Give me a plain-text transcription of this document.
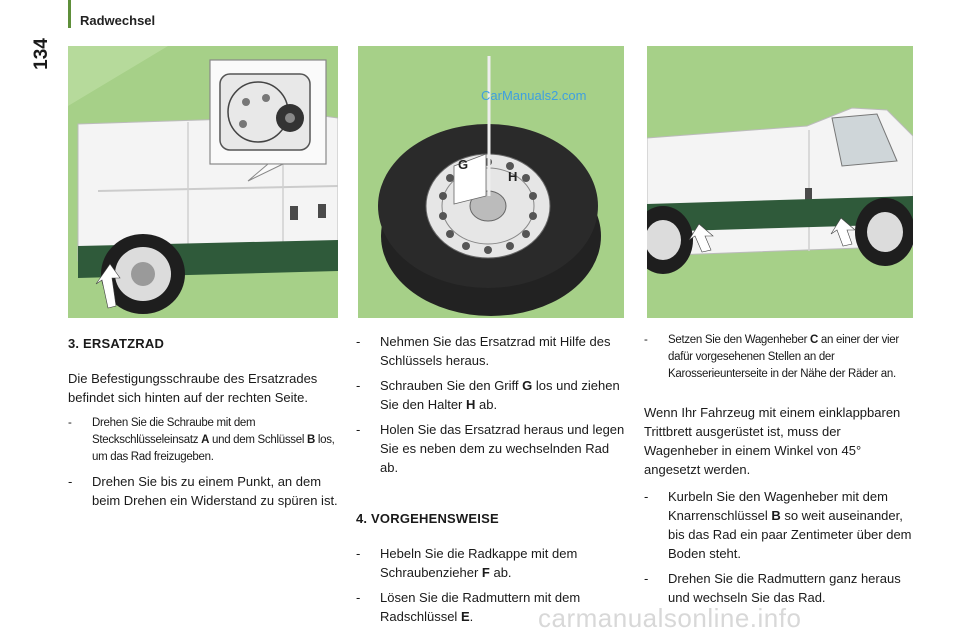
Radwechsel
134
G
H
CarManuals2.com
3. ERSATZRAD

Die Befestigungsschraube des Ersatzrades befindet sich hinten auf der rechten Seite.

- Drehen Sie die Schraube mit dem Steckschlüsseleinsatz A und dem Schlüssel B los, um das Rad freizugeben.
- Drehen Sie bis zu einem Punkt, an dem beim Drehen ein Widerstand zu spüren ist.
- Nehmen Sie das Ersatzrad mit Hilfe des Schlüssels heraus.
- Schrauben Sie den Griff G los und ziehen Sie den Halter H ab.
- Holen Sie das Ersatzrad heraus und legen Sie es neben dem zu wechselnden Rad ab.
4. VORGEHENSWEISE
- Hebeln Sie die Radkappe mit dem Schraubenzieher F ab.
- Lösen Sie die Radmuttern mit dem Radschlüssel E.
- Setzen Sie den Wagenheber C an einer der vier dafür vorgesehenen Stellen an der Karosserieunterseite in der Nähe der Räder an.

Wenn Ihr Fahrzeug mit einem einklappbaren Trittbrett ausgerüstet ist, muss der Wagenheber in einem Winkel von 45° angesetzt werden.

- Kurbeln Sie den Wagenheber mit dem Knarrenschlüssel B so weit auseinander, bis das Rad ein paar Zentimeter über dem Boden steht.
- Drehen Sie die Radmuttern ganz heraus und wechseln Sie das Rad.
carmanualsonline.info
